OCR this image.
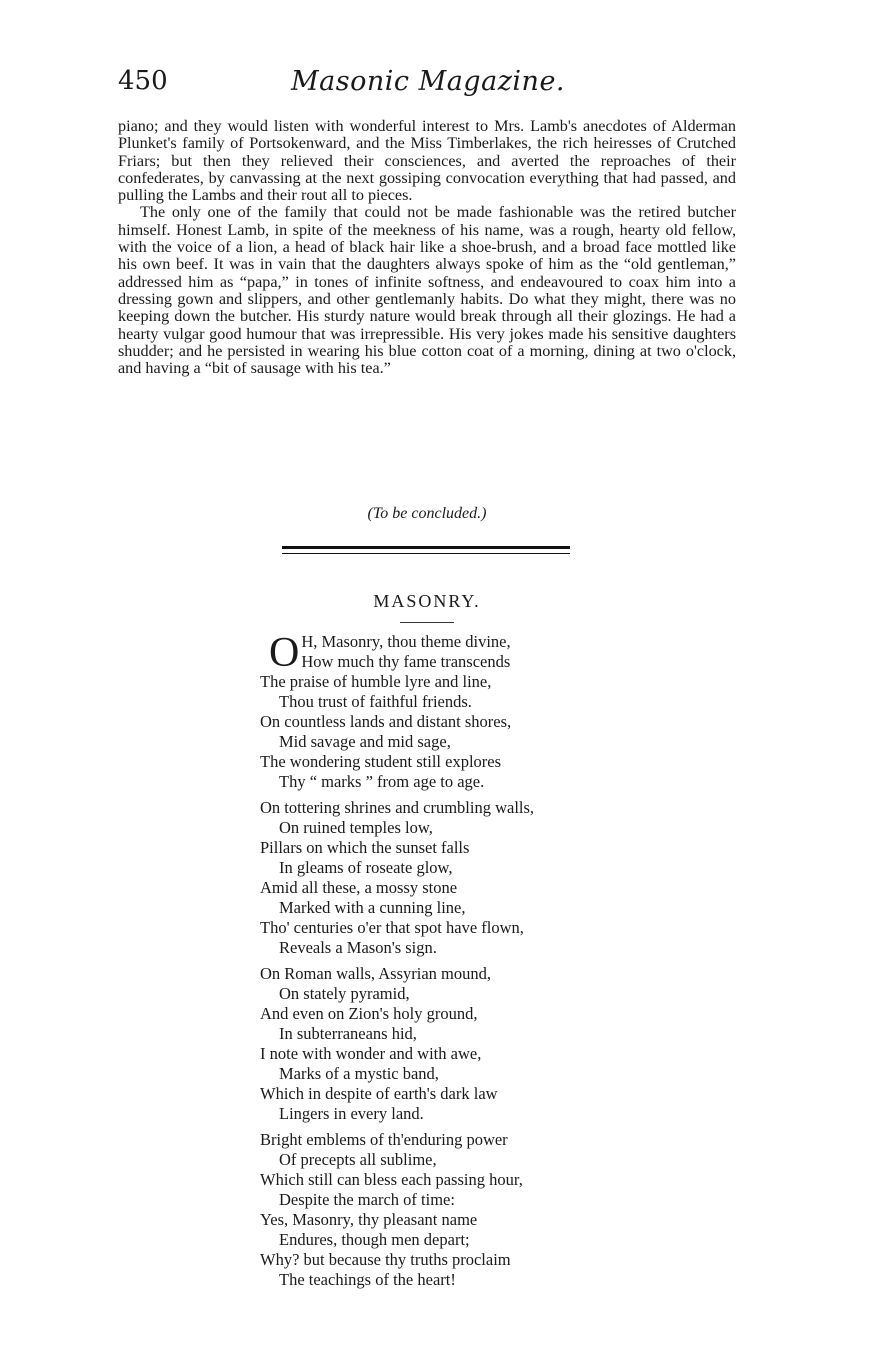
450	Masonic Magazine.

piano; and they would listen with wonderful interest to Mrs. Lamb's anecdotes of Alderman Plunket's family of Portsokenward, and the Miss Timberlakes, the rich heiresses of Crutched Friars; but then they relieved their consciences, and averted the reproaches of their confederates, by canvassing at the next gossiping convocation everything that had passed, and pulling the Lambs and their rout all to pieces.

The only one of the family that could not be made fashionable was the retired butcher himself. Honest Lamb, in spite of the meekness of his name, was a rough, hearty old fellow, with the voice of a lion, a head of black hair like a shoe-brush, and a broad face mottled like his own beef. It was in vain that the daughters always spoke of him as the “old gentleman,” addressed him as “papa,” in tones of infinite softness, and endeavoured to coax him into a dressing gown and slippers, and other gentlemanly habits. Do what they might, there was no keeping down the butcher. His sturdy nature would break through all their glozings. He had a hearty vulgar good humour that was irrepressible. His very jokes made his sensitive daughters shudder; and he persisted in wearing his blue cotton coat of a morning, dining at two o'clock, and having a “bit of sausage with his tea.”

(To be concluded.)
MASONRY.
O H, Masonry, thou theme divine,
How much thy fame transcends
The praise of humble lyre and line,
Thou trust of faithful friends.
On countless lands and distant shores,
Mid savage and mid sage,
The wondering student still explores
Thy “ marks ” from age to age.
On tottering shrines and crumbling walls,
On ruined temples low,
Pillars on which the sunset falls
In gleams of roseate glow,
Amid all these, a mossy stone
Marked with a cunning line,
Tho' centuries o'er that spot have flown,
Reveals a Mason's sign.
On Roman walls, Assyrian mound,
On stately pyramid,
And even on Zion's holy ground,
In subterraneans hid,
I note with wonder and with awe,
Marks of a mystic band,
Which in despite of earth's dark law
Lingers in every land.
Bright emblems of th'enduring power
Of precepts all sublime,
Which still can bless each passing hour,
Despite the march of time:
Yes, Masonry, thy pleasant name
Endures, though men depart;
Why? but because thy truths proclaim
The teachings of the heart!
